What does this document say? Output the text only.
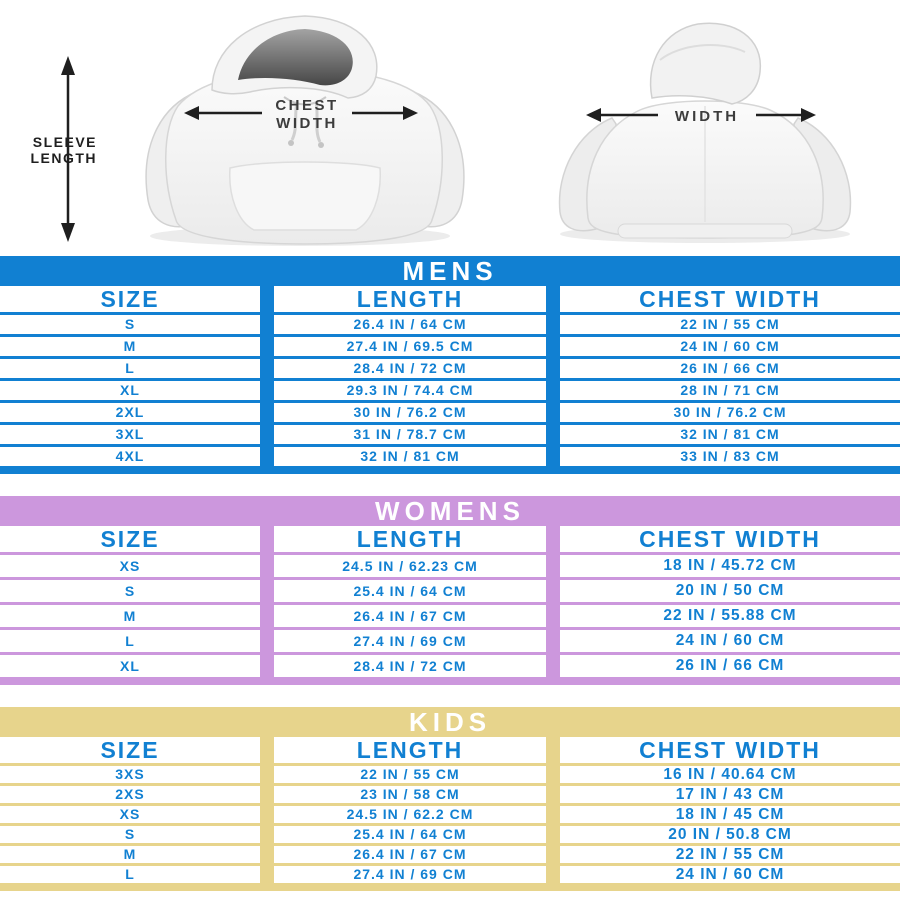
SLEEVE
LENGTH
CHEST
WIDTH	WIDTH
MENS
SIZE	LENGTH	CHEST WIDTH
S	26.4 IN / 64 CM	22 IN / 55 CM
M	27.4 IN / 69.5 CM	24 IN / 60 CM
L	28.4 IN / 72 CM	26 IN / 66 CM
XL	29.3 IN / 74.4 CM	28 IN / 71 CM
2XL	30 IN / 76.2 CM	30 IN / 76.2 CM
3XL	31 IN / 78.7 CM	32 IN / 81 CM
4XL	32 IN / 81 CM	33 IN / 83 CM
WOMENS
SIZE	LENGTH	CHEST WIDTH
XS	24.5 IN / 62.23 CM	18 IN / 45.72 CM
S	25.4 IN / 64 CM	20 IN / 50 CM
M	26.4 IN / 67 CM	22 IN / 55.88 CM
L	27.4 IN / 69 CM	24 IN / 60 CM
XL	28.4 IN / 72 CM	26 IN / 66 CM
KIDS
SIZE	LENGTH	CHEST WIDTH
3XS	22 IN / 55 CM	16 IN / 40.64 CM
2XS	23 IN / 58 CM	17 IN / 43 CM
XS	24.5 IN / 62.2 CM	18 IN / 45 CM
S	25.4 IN / 64 CM	20 IN / 50.8 CM
M	26.4 IN / 67 CM	22 IN / 55 CM
L	27.4 IN / 69 CM	24 IN / 60 CM
